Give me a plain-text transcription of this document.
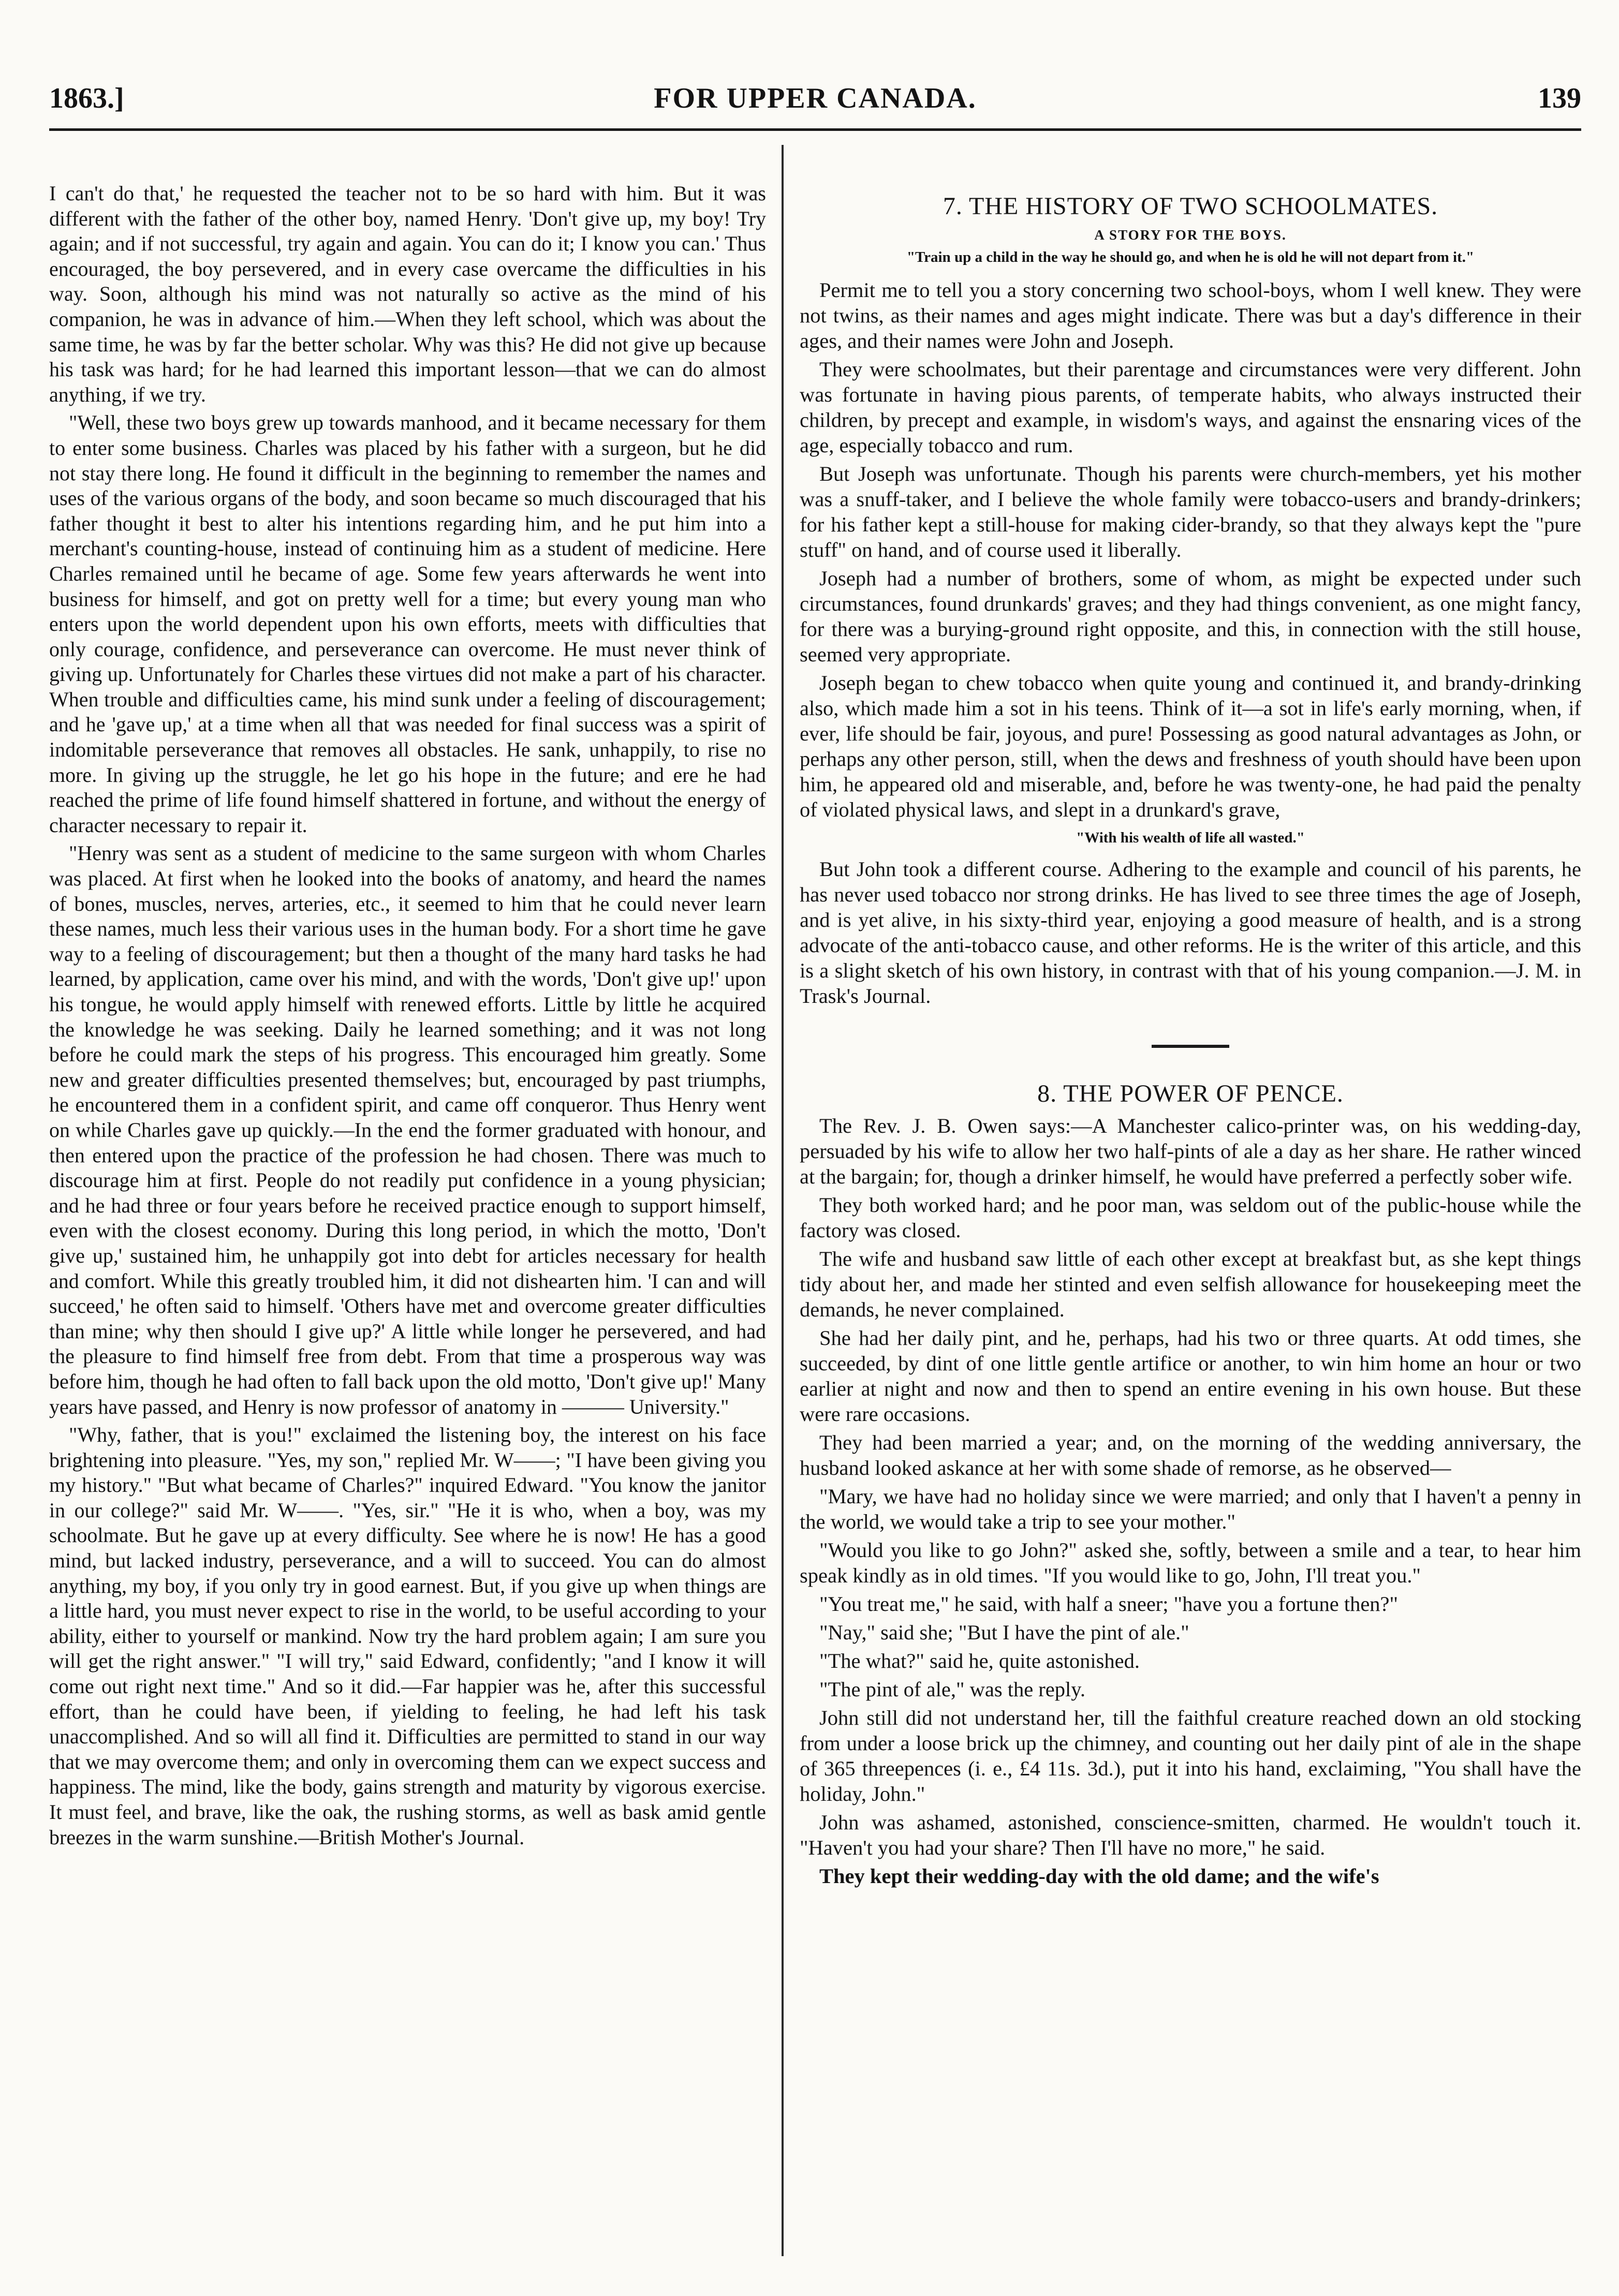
1863.]	FOR UPPER CANADA.	139

I can't do that,' he requested the teacher not to be so hard with him. But it was different with the father of the other boy, named Henry. 'Don't give up, my boy! Try again; and if not successful, try again and again. You can do it; I know you can.' Thus encouraged, the boy persevered, and in every case overcame the difficulties in his way. Soon, although his mind was not naturally so active as the mind of his companion, he was in advance of him.—When they left school, which was about the same time, he was by far the better scholar. Why was this? He did not give up because his task was hard; for he had learned this important lesson—that we can do almost anything, if we try.

"Well, these two boys grew up towards manhood, and it became necessary for them to enter some business. Charles was placed by his father with a surgeon, but he did not stay there long. He found it difficult in the beginning to remember the names and uses of the various organs of the body, and soon became so much discouraged that his father thought it best to alter his intentions regarding him, and he put him into a merchant's counting-house, instead of continuing him as a student of medicine. Here Charles remained until he became of age. Some few years afterwards he went into business for himself, and got on pretty well for a time; but every young man who enters upon the world dependent upon his own efforts, meets with difficulties that only courage, confidence, and perseverance can overcome. He must never think of giving up. Unfortunately for Charles these virtues did not make a part of his character. When trouble and difficulties came, his mind sunk under a feeling of discouragement; and he 'gave up,' at a time when all that was needed for final success was a spirit of indomitable perseverance that removes all obstacles. He sank, unhappily, to rise no more. In giving up the struggle, he let go his hope in the future; and ere he had reached the prime of life found himself shattered in fortune, and without the energy of character necessary to repair it.

"Henry was sent as a student of medicine to the same surgeon with whom Charles was placed. At first when he looked into the books of anatomy, and heard the names of bones, muscles, nerves, arteries, etc., it seemed to him that he could never learn these names, much less their various uses in the human body. For a short time he gave way to a feeling of discouragement; but then a thought of the many hard tasks he had learned, by application, came over his mind, and with the words, 'Don't give up!' upon his tongue, he would apply himself with renewed efforts. Little by little he acquired the knowledge he was seeking. Daily he learned something; and it was not long before he could mark the steps of his progress. This encouraged him greatly. Some new and greater difficulties presented themselves; but, encouraged by past triumphs, he encountered them in a confident spirit, and came off conqueror. Thus Henry went on while Charles gave up quickly.—In the end the former graduated with honour, and then entered upon the practice of the profession he had chosen. There was much to discourage him at first. People do not readily put confidence in a young physician; and he had three or four years before he received practice enough to support himself, even with the closest economy. During this long period, in which the motto, 'Don't give up,' sustained him, he unhappily got into debt for articles necessary for health and comfort. While this greatly troubled him, it did not dishearten him. 'I can and will succeed,' he often said to himself. 'Others have met and overcome greater difficulties than mine; why then should I give up?' A little while longer he persevered, and had the pleasure to find himself free from debt. From that time a prosperous way was before him, though he had often to fall back upon the old motto, 'Don't give up!' Many years have passed, and Henry is now professor of anatomy in ——— University."

"Why, father, that is you!" exclaimed the listening boy, the interest on his face brightening into pleasure. "Yes, my son," replied Mr. W——; "I have been giving you my history." "But what became of Charles?" inquired Edward. "You know the janitor in our college?" said Mr. W——. "Yes, sir." "He it is who, when a boy, was my schoolmate. But he gave up at every difficulty. See where he is now! He has a good mind, but lacked industry, perseverance, and a will to succeed. You can do almost anything, my boy, if you only try in good earnest. But, if you give up when things are a little hard, you must never expect to rise in the world, to be useful according to your ability, either to yourself or mankind. Now try the hard problem again; I am sure you will get the right answer." "I will try," said Edward, confidently; "and I know it will come out right next time." And so it did.—Far happier was he, after this successful effort, than he could have been, if yielding to feeling, he had left his task unaccomplished. And so will all find it. Difficulties are permitted to stand in our way that we may overcome them; and only in overcoming them can we expect success and happiness. The mind, like the body, gains strength and maturity by vigorous exercise. It must feel, and brave, like the oak, the rushing storms, as well as bask amid gentle breezes in the warm sunshine.—British Mother's Journal.

7. THE HISTORY OF TWO SCHOOLMATES.
A STORY FOR THE BOYS.
"Train up a child in the way he should go, and when he is old he will not depart from it."

Permit me to tell you a story concerning two school-boys, whom I well knew. They were not twins, as their names and ages might indicate. There was but a day's difference in their ages, and their names were John and Joseph.

They were schoolmates, but their parentage and circumstances were very different. John was fortunate in having pious parents, of temperate habits, who always instructed their children, by precept and example, in wisdom's ways, and against the ensnaring vices of the age, especially tobacco and rum.

But Joseph was unfortunate. Though his parents were church-members, yet his mother was a snuff-taker, and I believe the whole family were tobacco-users and brandy-drinkers; for his father kept a still-house for making cider-brandy, so that they always kept the "pure stuff" on hand, and of course used it liberally.

Joseph had a number of brothers, some of whom, as might be expected under such circumstances, found drunkards' graves; and they had things convenient, as one might fancy, for there was a burying-ground right opposite, and this, in connection with the still house, seemed very appropriate.

Joseph began to chew tobacco when quite young and continued it, and brandy-drinking also, which made him a sot in his teens. Think of it—a sot in life's early morning, when, if ever, life should be fair, joyous, and pure! Possessing as good natural advantages as John, or perhaps any other person, still, when the dews and freshness of youth should have been upon him, he appeared old and miserable, and, before he was twenty-one, he had paid the penalty of violated physical laws, and slept in a drunkard's grave,

"With his wealth of life all wasted."

But John took a different course. Adhering to the example and council of his parents, he has never used tobacco nor strong drinks. He has lived to see three times the age of Joseph, and is yet alive, in his sixty-third year, enjoying a good measure of health, and is a strong advocate of the anti-tobacco cause, and other reforms. He is the writer of this article, and this is a slight sketch of his own history, in contrast with that of his young companion.—J. M. in Trask's Journal.

8. THE POWER OF PENCE.

The Rev. J. B. Owen says:—A Manchester calico-printer was, on his wedding-day, persuaded by his wife to allow her two half-pints of ale a day as her share. He rather winced at the bargain; for, though a drinker himself, he would have preferred a perfectly sober wife.

They both worked hard; and he poor man, was seldom out of the public-house while the factory was closed.

The wife and husband saw little of each other except at breakfast but, as she kept things tidy about her, and made her stinted and even selfish allowance for housekeeping meet the demands, he never complained.

She had her daily pint, and he, perhaps, had his two or three quarts. At odd times, she succeeded, by dint of one little gentle artifice or another, to win him home an hour or two earlier at night and now and then to spend an entire evening in his own house. But these were rare occasions.

They had been married a year; and, on the morning of the wedding anniversary, the husband looked askance at her with some shade of remorse, as he observed—

"Mary, we have had no holiday since we were married; and only that I haven't a penny in the world, we would take a trip to see your mother."

"Would you like to go John?" asked she, softly, between a smile and a tear, to hear him speak kindly as in old times. "If you would like to go, John, I'll treat you."

"You treat me," he said, with half a sneer; "have you a fortune then?"

"Nay," said she; "But I have the pint of ale."

"The what?" said he, quite astonished.

"The pint of ale," was the reply.

John still did not understand her, till the faithful creature reached down an old stocking from under a loose brick up the chimney, and counting out her daily pint of ale in the shape of 365 threepences (i. e., £4 11s. 3d.), put it into his hand, exclaiming, "You shall have the holiday, John."

John was ashamed, astonished, conscience-smitten, charmed. He wouldn't touch it. "Haven't you had your share? Then I'll have no more," he said.

They kept their wedding-day with the old dame; and the wife's
